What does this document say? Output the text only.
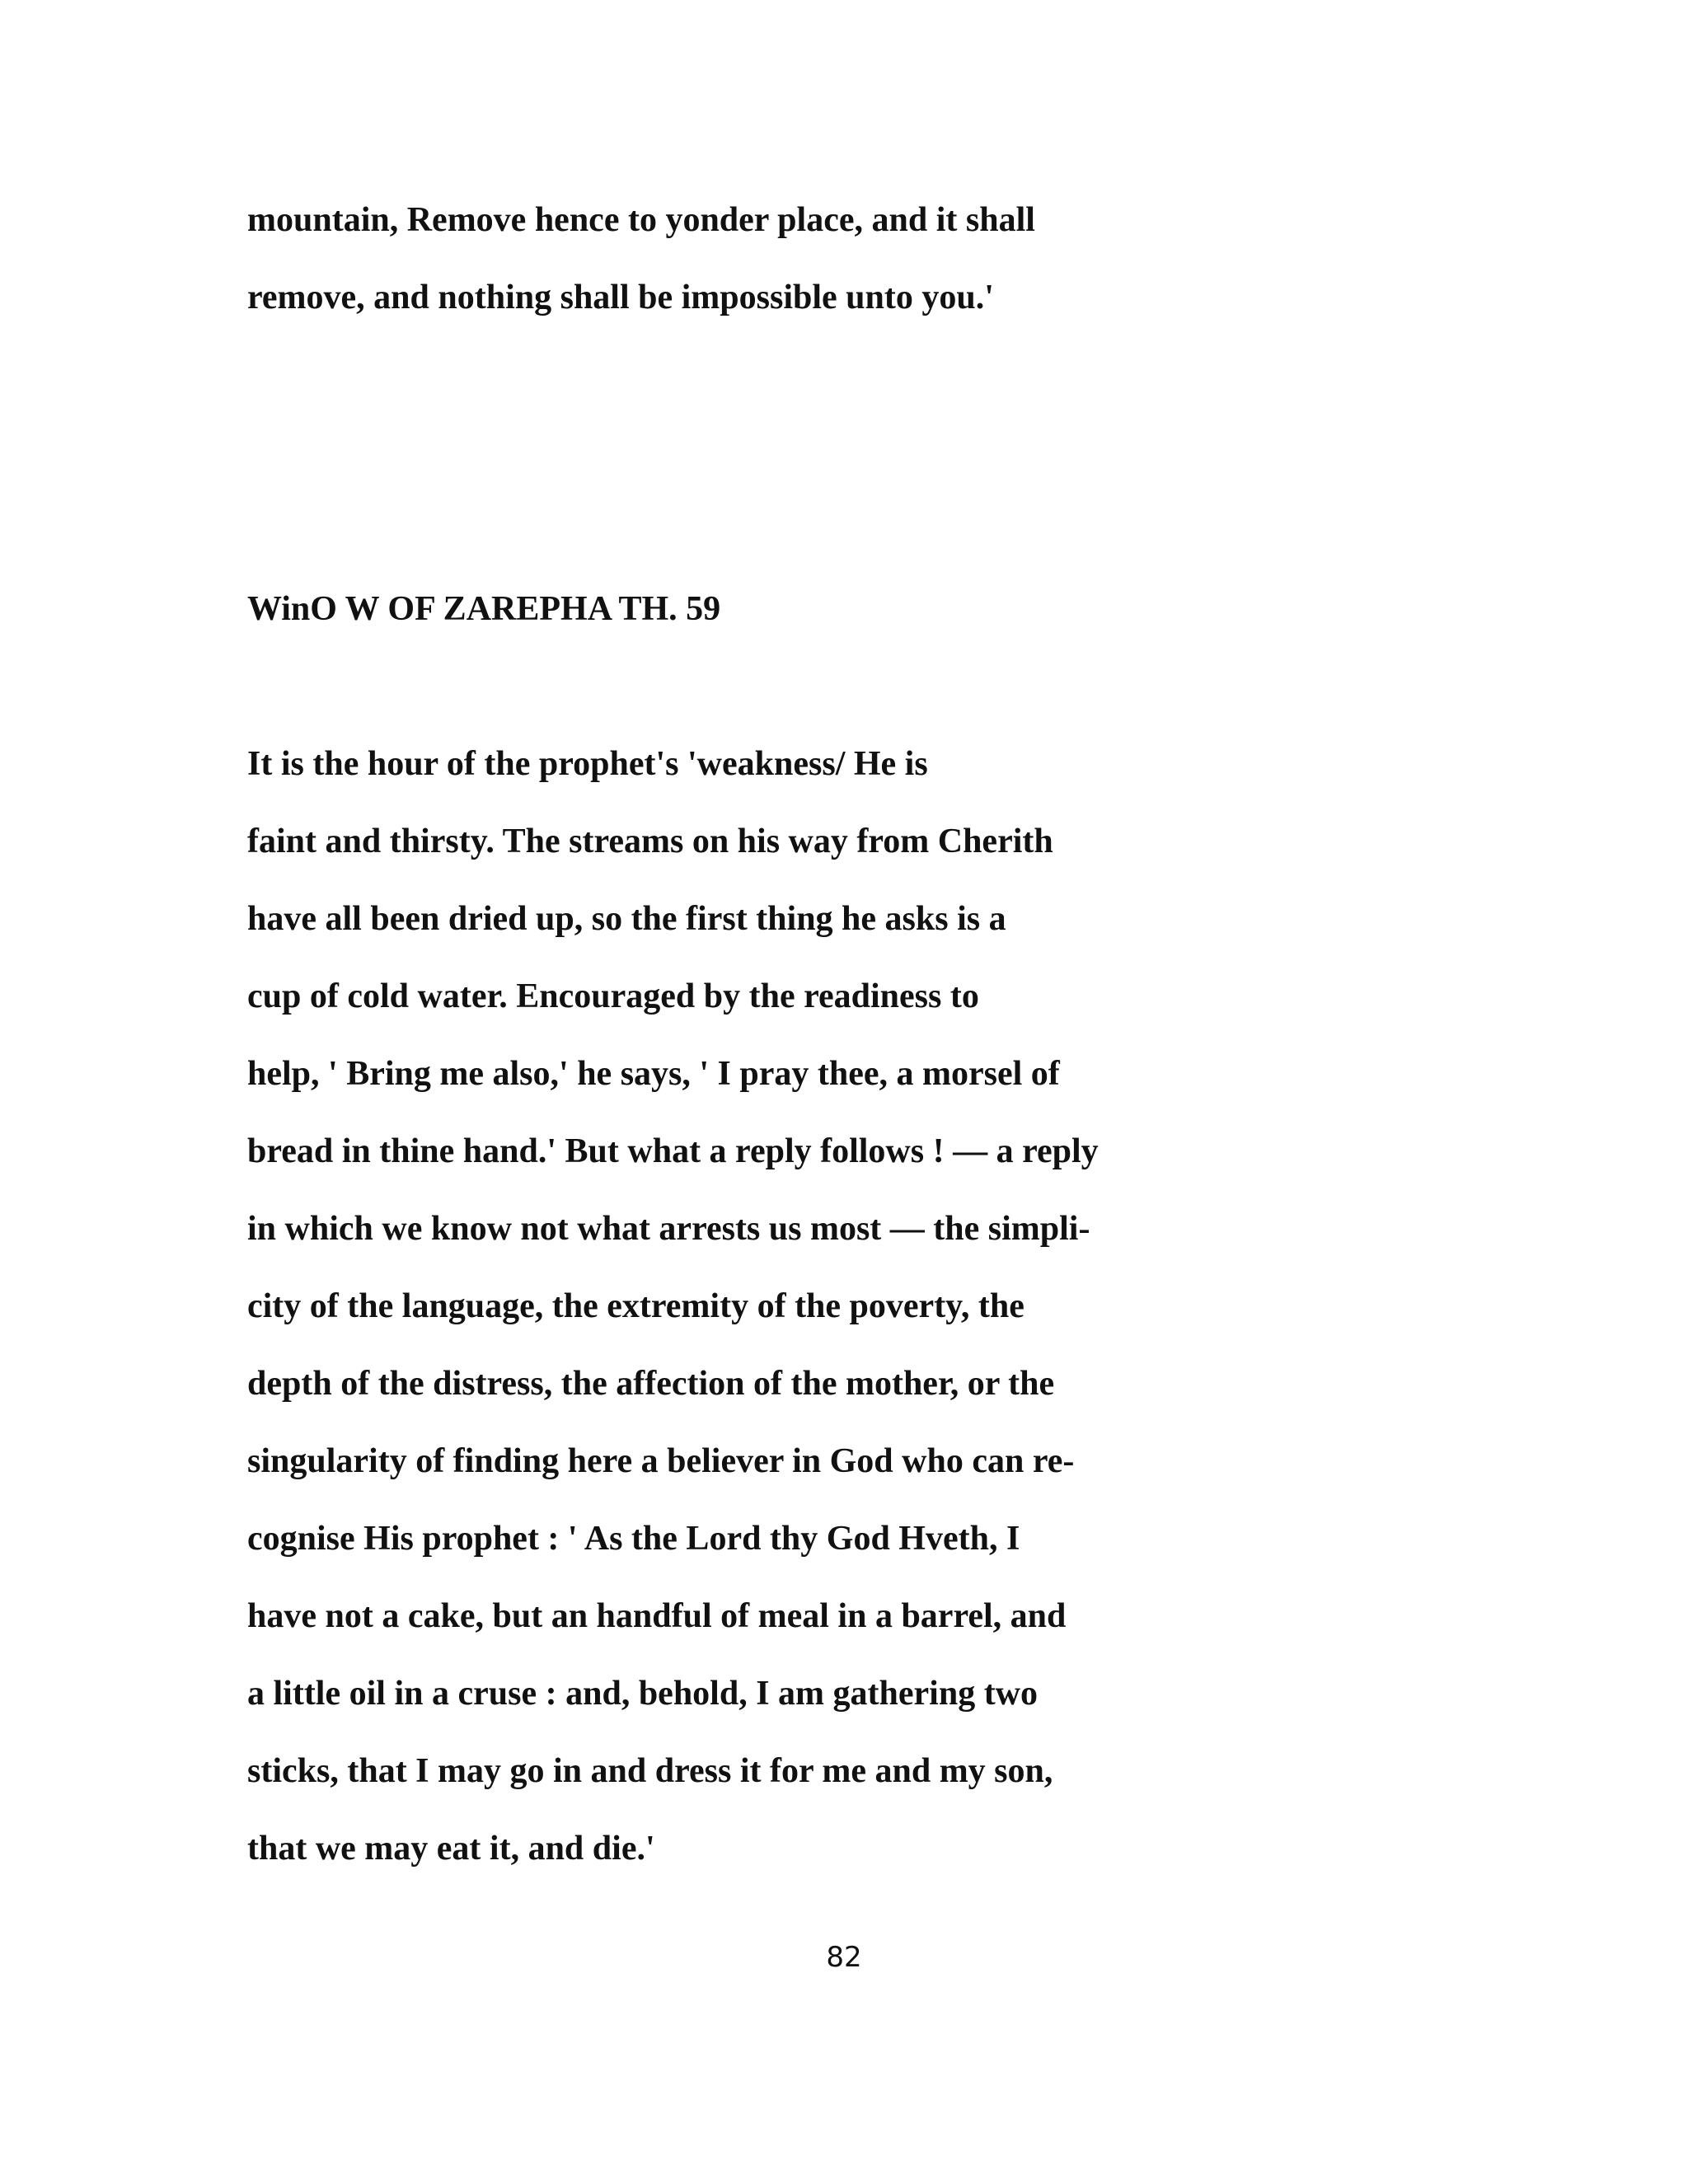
mountain, Remove hence to yonder place, and it shall
remove, and nothing shall be impossible unto you.'
WinO W OF ZAREPHA TH. 59
It is the hour of the prophet's 'weakness/ He is
faint and thirsty. The streams on his way from Cherith
have all been dried up, so the first thing he asks is a
cup of cold water. Encouraged by the readiness to
help, ' Bring me also,' he says, ' I pray thee, a morsel of
bread in thine hand.' But what a reply follows ! — a reply
in which we know not what arrests us most — the simpli-
city of the language, the extremity of the poverty, the
depth of the distress, the affection of the mother, or the
singularity of finding here a believer in God who can re-
cognise His prophet : ' As the Lord thy God Hveth, I
have not a cake, but an handful of meal in a barrel, and
a little oil in a cruse : and, behold, I am gathering two
sticks, that I may go in and dress it for me and my son,
that we may eat it, and die.'
82
